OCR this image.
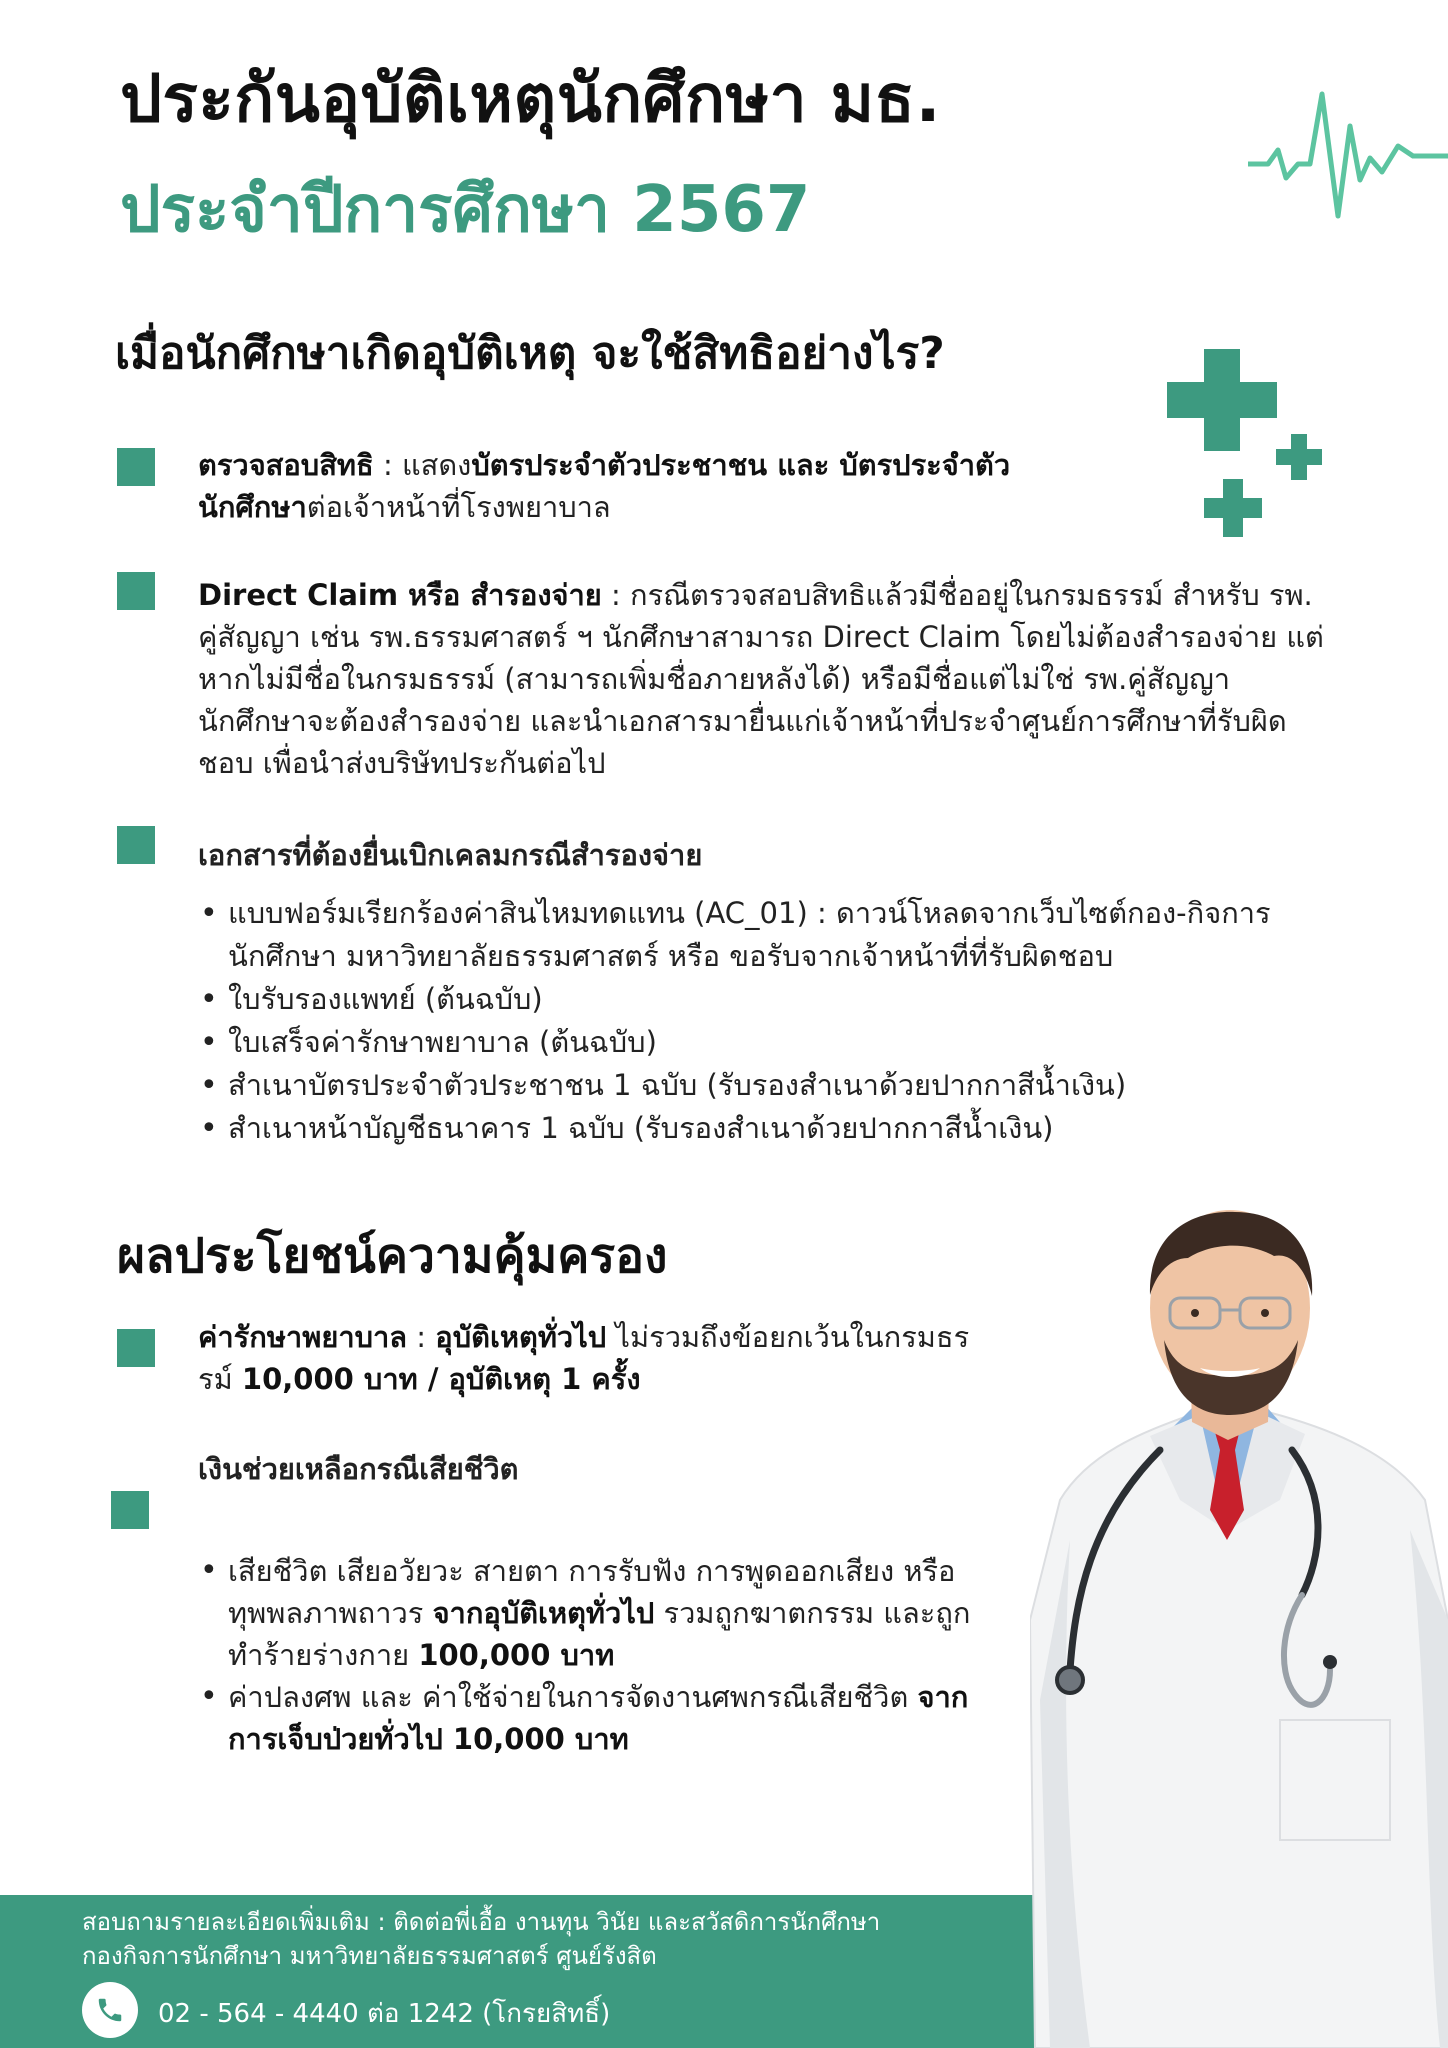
ประกันอุบัติเหตุนักศึกษา มธ.
ประจำปีการศึกษา 2567
เมื่อนักศึกษาเกิดอุบัติเหตุ จะใช้สิทธิอย่างไร?
ตรวจสอบสิทธิ : แสดงบัตรประจำตัวประชาชน และ บัตรประจำตัวนักศึกษาต่อเจ้าหน้าที่โรงพยาบาล
Direct Claim หรือ สำรองจ่าย : กรณีตรวจสอบสิทธิแล้วมีชื่ออยู่ในกรมธรรม์ สำหรับ รพ. คู่สัญญา เช่น รพ.ธรรมศาสตร์ ฯ นักศึกษาสามารถ Direct Claim โดยไม่ต้องสำรองจ่าย แต่หากไม่มีชื่อในกรมธรรม์ (สามารถเพิ่มชื่อภายหลังได้) หรือมีชื่อแต่ไม่ใช่ รพ.คู่สัญญา นักศึกษาจะต้องสำรองจ่าย และนำเอกสารมายื่นแก่เจ้าหน้าที่ประจำศูนย์การศึกษาที่รับผิดชอบ เพื่อนำส่งบริษัทประกันต่อไป
เอกสารที่ต้องยื่นเบิกเคลมกรณีสำรองจ่าย
• แบบฟอร์มเรียกร้องค่าสินไหมทดแทน (AC_01) : ดาวน์โหลดจากเว็บไซต์กอง-กิจการนักศึกษา มหาวิทยาลัยธรรมศาสตร์ หรือ ขอรับจากเจ้าหน้าที่ที่รับผิดชอบ
• ใบรับรองแพทย์ (ต้นฉบับ)
• ใบเสร็จค่ารักษาพยาบาล (ต้นฉบับ)
• สำเนาบัตรประจำตัวประชาชน 1 ฉบับ (รับรองสำเนาด้วยปากกาสีน้ำเงิน)
• สำเนาหน้าบัญชีธนาคาร 1 ฉบับ (รับรองสำเนาด้วยปากกาสีน้ำเงิน)
ผลประโยชน์ความคุ้มครอง
ค่ารักษาพยาบาล : อุบัติเหตุทั่วไป ไม่รวมถึงข้อยกเว้นในกรมธรรม์ 10,000 บาท / อุบัติเหตุ 1 ครั้ง
เงินช่วยเหลือกรณีเสียชีวิต
• เสียชีวิต เสียอวัยวะ สายตา การรับฟัง การพูดออกเสียง หรือทุพพลภาพถาวร จากอุบัติเหตุทั่วไป รวมถูกฆาตกรรม และถูกทำร้ายร่างกาย 100,000 บาท
• ค่าปลงศพ และ ค่าใช้จ่ายในการจัดงานศพกรณีเสียชีวิต จากการเจ็บป่วยทั่วไป 10,000 บาท
สอบถามรายละเอียดเพิ่มเติม : ติดต่อพี่เอื้อ งานทุน วินัย และสวัสดิการนักศึกษา
กองกิจการนักศึกษา มหาวิทยาลัยธรรมศาสตร์ ศูนย์รังสิต
02 - 564 - 4440 ต่อ 1242 (โกรยสิทธิ์)
